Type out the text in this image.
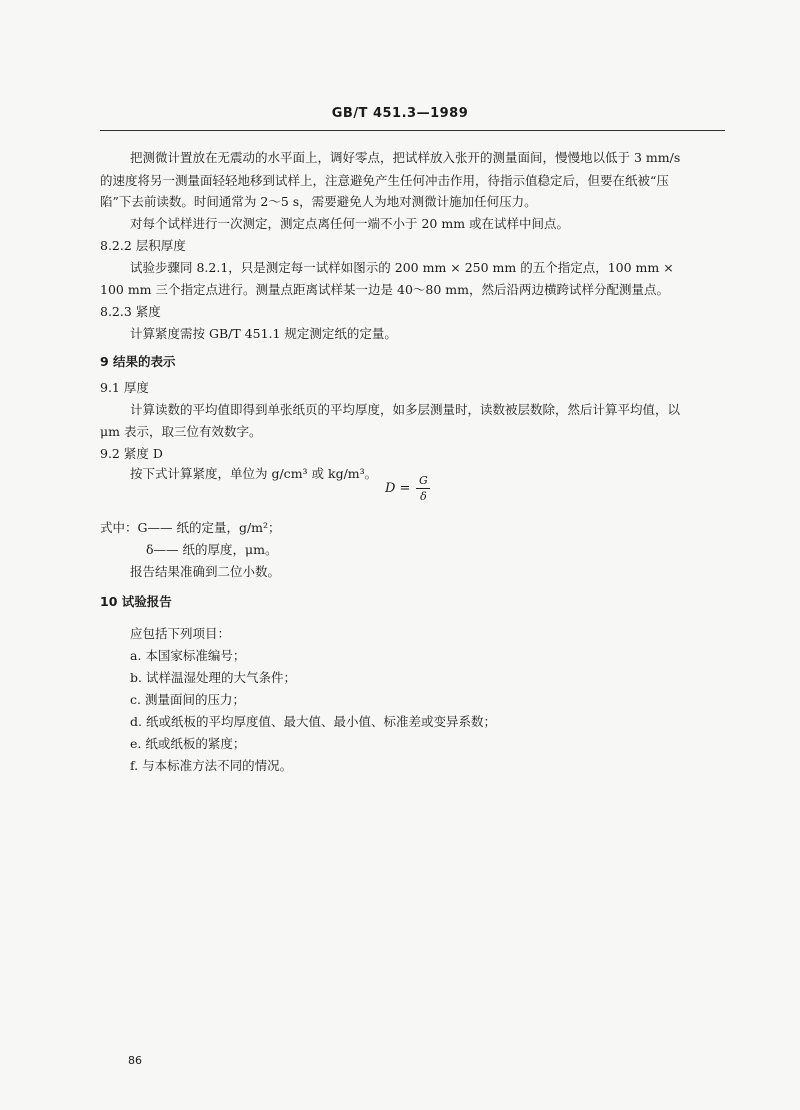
GB/T 451.3—1989
把测微计置放在无震动的水平面上，调好零点，把试样放入张开的测量面间，慢慢地以低于 3 mm/s
的速度将另一测量面轻轻地移到试样上，注意避免产生任何冲击作用，待指示值稳定后，但要在纸被“压
陷”下去前读数。时间通常为 2～5 s，需要避免人为地对测微计施加任何压力。
对每个试样进行一次测定，测定点离任何一端不小于 20 mm 或在试样中间点。
8.2.2 层积厚度
试验步骤同 8.2.1，只是测定每一试样如图示的 200 mm × 250 mm 的五个指定点，100 mm ×
100 mm 三个指定点进行。测量点距离试样某一边是 40～80 mm，然后沿两边横跨试样分配测量点。
8.2.3 紧度
计算紧度需按 GB/T 451.1 规定测定纸的定量。
9 结果的表示
9.1 厚度
计算读数的平均值即得到单张纸页的平均厚度，如多层测量时，读数被层数除，然后计算平均值，以
μm 表示，取三位有效数字。
9.2 紧度 D
按下式计算紧度，单位为 g/cm³ 或 kg/m³。
$D = \frac{G}{\delta}$
式中：G—— 纸的定量，g/m²；
δ—— 纸的厚度，μm。
报告结果准确到二位小数。
10 试验报告
应包括下列项目：
a. 本国家标准编号；
b. 试样温湿处理的大气条件；
c. 测量面间的压力；
d. 纸或纸板的平均厚度值、最大值、最小值、标准差或变异系数；
e. 纸或纸板的紧度；
f. 与本标准方法不同的情况。
86
